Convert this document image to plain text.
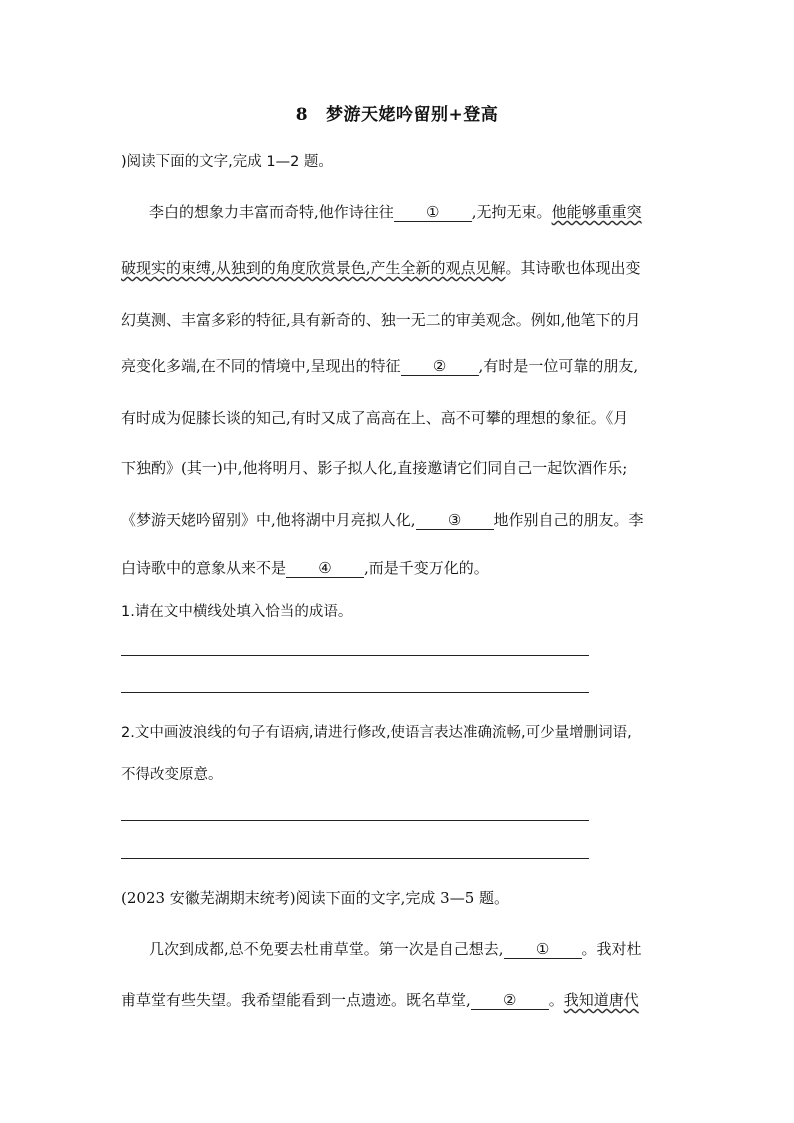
8 梦游天姥吟留别+登高
)阅读下面的文字,完成 1—2 题。
李白的想象力丰富而奇特,他作诗往往 ① ,无拘无束。他能够重重突
破现实的束缚,从独到的角度欣赏景色,产生全新的观点见解。其诗歌也体现出变
幻莫测、丰富多彩的特征,具有新奇的、独一无二的审美观念。例如,他笔下的月
亮变化多端,在不同的情境中,呈现出的特征 ② ,有时是一位可靠的朋友,
有时成为促膝长谈的知己,有时又成了高高在上、高不可攀的理想的象征。《月
下独酌》(其一)中,他将明月、影子拟人化,直接邀请它们同自己一起饮酒作乐;
《梦游天姥吟留别》中,他将湖中月亮拟人化, ③ 地作别自己的朋友。李
白诗歌中的意象从来不是 ④ ,而是千变万化的。
1.请在文中横线处填入恰当的成语。
2.文中画波浪线的句子有语病,请进行修改,使语言表达准确流畅,可少量增删词语,
不得改变原意。
(2023 安徽芜湖期末统考)阅读下面的文字,完成 3—5 题。
几次到成都,总不免要去杜甫草堂。第一次是自己想去, ① 。我对杜
甫草堂有些失望。我希望能看到一点遗迹。既名草堂, ② 。我知道唐代
